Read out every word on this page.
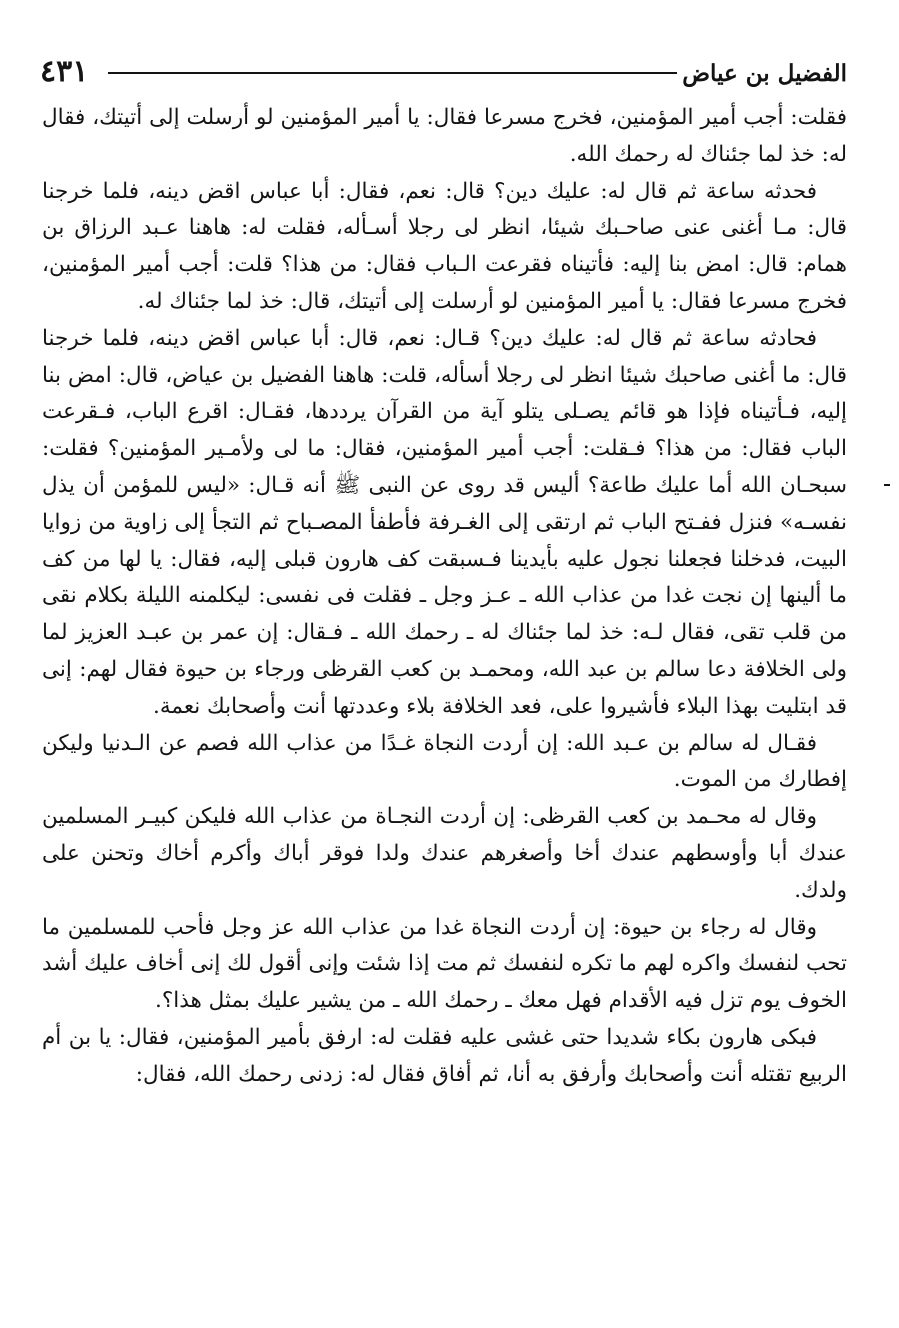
٤٣١	الفضيل بن عياض

فقلت: أجب أمير المؤمنين، فخرج مسرعا فقال: يا أمير المؤمنين لو أرسلت إلى أتيتك، فقال له: خذ لما جئناك له رحمك الله.

فحدثه ساعة ثم قال له: عليك دين؟ قال: نعم، فقال: أبا عباس اقض دينه، فلما خرجنا قال: مـا أغنى عنى صاحـبك شيئا، انظر لى رجلا أسـأله، فقلت له: هاهنا عـبد الرزاق بن همام: قال: امض بنا إليه: فأتيناه فقرعت الـباب فقال: من هذا؟ قلت: أجب أمير المؤمنين، فخرج مسرعا فقال: يا أمير المؤمنين لو أرسلت إلى أتيتك، قال: خذ لما جئناك له.

فحادثه ساعة ثم قال له: عليك دين؟ قـال: نعم، قال: أبا عباس اقض دينه، فلما خرجنا قال: ما أغنى صاحبك شيئا انظر لى رجلا أسأله، قلت: هاهنا الفضيل بن عياض، قال: امض بنا إليه، فـأتيناه فإذا هو قائم يصـلى يتلو آية من القرآن يرددها، فقـال: اقرع الباب، فـقرعت الباب فقال: من هذا؟ فـقلت: أجب أمير المؤمنين، فقال: ما لى ولأمـير المؤمنين؟ فقلت: سبحـان الله أما عليك طاعة؟ أليس قد روى عن النبى ﷺ أنه قـال: «ليس للمؤمن أن يذل نفسـه» فنزل ففـتح الباب ثم ارتقى إلى الغـرفة فأطفأ المصـباح ثم التجأ إلى زاوية من زوايا البيت، فدخلنا فجعلنا نجول عليه بأيدينا فـسبقت كف هارون قبلى إليه، فقال: يا لها من كف ما ألينها إن نجت غدا من عذاب الله ـ عـز وجل ـ فقلت فى نفسى: ليكلمنه الليلة بكلام نقى من قلب تقى، فقال لـه: خذ لما جئناك له ـ رحمك الله ـ فـقال: إن عمر بن عبـد العزيز لما ولى الخلافة دعا سالم بن عبد الله، ومحمـد بن كعب القرظى ورجاء بن حيوة فقال لهم: إنى قد ابتليت بهذا البلاء فأشيروا على، فعد الخلافة بلاء وعددتها أنت وأصحابك نعمة.

فقـال له سالم بن عـبد الله: إن أردت النجاة غـدًا من عذاب الله فصم عن الـدنيا وليكن إفطارك من الموت.

وقال له محـمد بن كعب القرظى: إن أردت النجـاة من عذاب الله فليكن كبيـر المسلمين عندك أبا وأوسطهم عندك أخا وأصغرهم عندك ولدا فوقر أباك وأكرم أخاك وتحنن على ولدك.

وقال له رجاء بن حيوة: إن أردت النجاة غدا من عذاب الله عز وجل فأحب للمسلمين ما تحب لنفسك واكره لهم ما تكره لنفسك ثم مت إذا شئت وإنى أقول لك إنى أخاف عليك أشد الخوف يوم تزل فيه الأقدام فهل معك ـ رحمك الله ـ من يشير عليك بمثل هذا؟.

فبكى هارون بكاء شديدا حتى غشى عليه فقلت له: ارفق بأمير المؤمنين، فقال: يا بن أم الربيع تقتله أنت وأصحابك وأرفق به أنا، ثم أفاق فقال له: زدنى رحمك الله، فقال:
